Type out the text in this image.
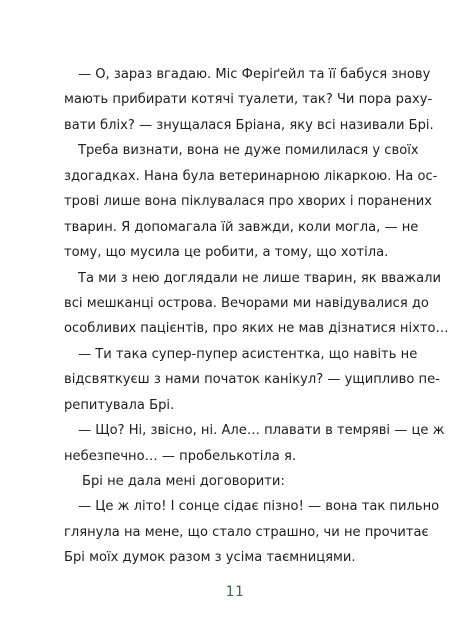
— О, зараз вгадаю. Міс Феріґейл та її бабуся знову
мають прибирати котячі туалети, так? Чи пора раху-
вати бліх? — знущалася Бріана, яку всі називали Брі.
Треба визнати, вона не дуже помилилася у своїх
здогадках. Нана була ветеринарною лікаркою. На ос-
трові лише вона піклувалася про хворих і поранених
тварин. Я допомагала їй завжди, коли могла, — не
тому, що мусила це робити, а тому, що хотіла.
Та ми з нею доглядали не лише тварин, як вважали
всі мешканці острова. Вечорами ми навідувалися до
особливих пацієнтів, про яких не мав дізнатися ніхто…
— Ти така супер-пупер асистентка, що навіть не
відсвяткуєш з нами початок канікул? — ущипливо пе-
репитувала Брі.
— Що? Ні, звісно, ні. Але… плавати в темряві — це ж
небезпечно… — пробелькотіла я.
Брі не дала мені договорити:
— Це ж літо! І сонце сідає пізно! — вона так пильно
глянула на мене, що стало страшно, чи не прочитає
Брі моїх думок разом з усіма таємницями.
11
